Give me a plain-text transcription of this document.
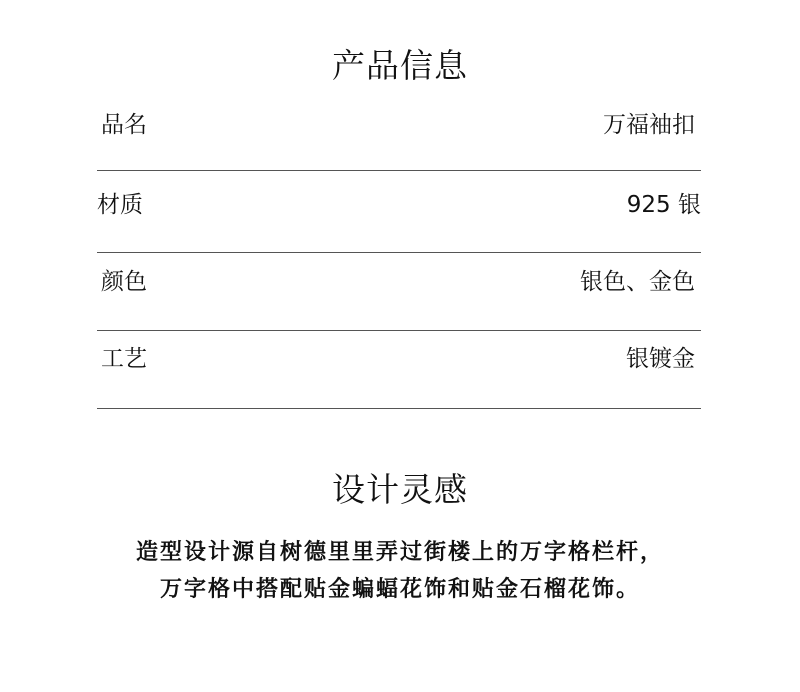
产品信息
品名	万福袖扣
材质	925 银
颜色	银色、金色
工艺	银镀金
设计灵感
造型设计源自树德里里弄过街楼上的万字格栏杆，
万字格中搭配贴金蝙蝠花饰和贴金石榴花饰。
